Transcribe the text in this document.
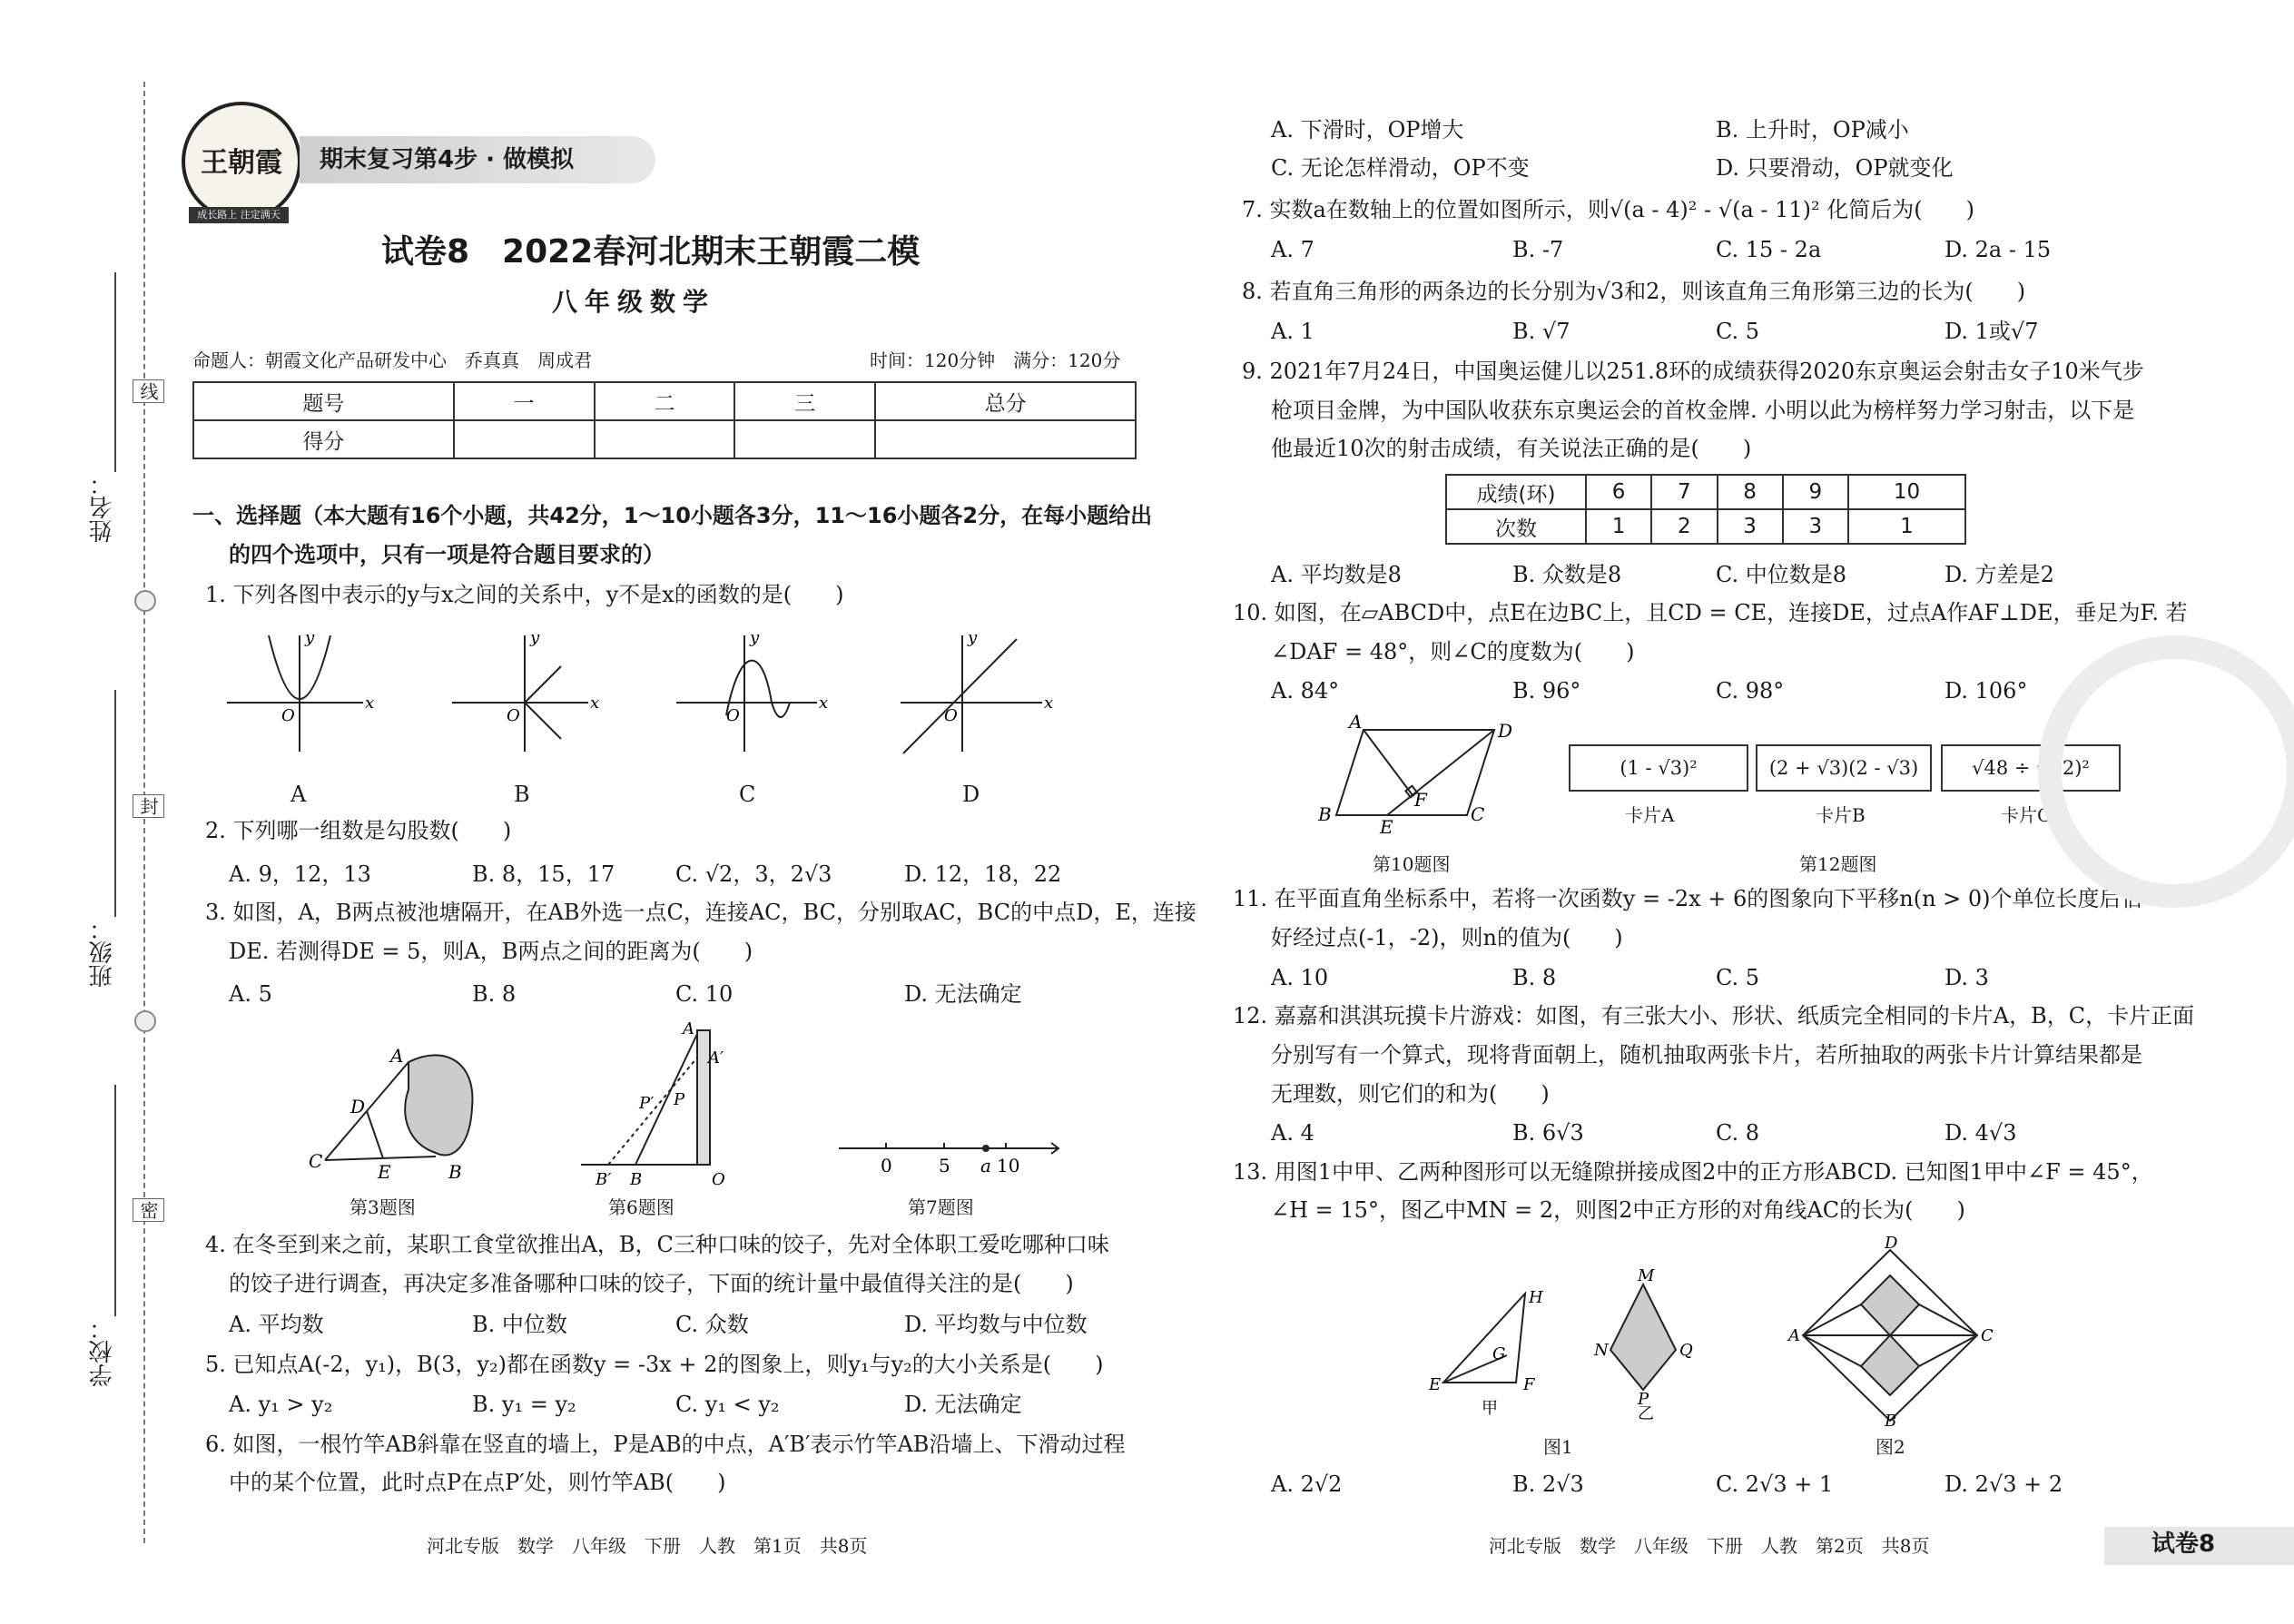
姓名：
班级：
学校：
线
封
密
王朝霞
成长路上 注定满天
期末复习第4步 · 做模拟
试卷8　2022春河北期末王朝霞二模
八年级数学
命题人：朝霞文化产品研发中心　乔真真　周成君	时间：120分钟　满分：120分
题号	一	二	三	总分
得分				
一、选择题（本大题有16个小题，共42分，1～10小题各3分，11～16小题各2分，在每小题给出
的四个选项中，只有一项是符合题目要求的）
1. 下列各图中表示的y与x之间的关系中，y不是x的函数的是(　　)
x
y
O
x
y
O
x
y
O
x
y
O
A	B	C	D
2. 下列哪一组数是勾股数(　　)
A. 9，12，13	B. 8，15，17	C. √2，3，2√3	D. 12，18，22
3. 如图，A，B两点被池塘隔开，在AB外选一点C，连接AC，BC，分别取AC，BC的中点D，E，连接
DE. 若测得DE = 5，则A，B两点之间的距离为(　　)
A. 5	B. 8	C. 10	D. 无法确定
A
D
C	E	B
第3题图
A
A′
P′ P
B′ B	O
第6题图
0	5 a 10
第7题图
4. 在冬至到来之前，某职工食堂欲推出A，B，C三种口味的饺子，先对全体职工爱吃哪种口味
的饺子进行调查，再决定多准备哪种口味的饺子，下面的统计量中最值得关注的是(　　)
A. 平均数	B. 中位数	C. 众数	D. 平均数与中位数
5. 已知点A(-2，y₁)，B(3，y₂)都在函数y = -3x + 2的图象上，则y₁与y₂的大小关系是(　　)
A. y₁ > y₂	B. y₁ = y₂	C. y₁ < y₂	D. 无法确定
6. 如图，一根竹竿AB斜靠在竖直的墙上，P是AB的中点，A′B′表示竹竿AB沿墙上、下滑动过程
中的某个位置，此时点P在点P′处，则竹竿AB(　　)
河北专版　数学　八年级　下册　人教　第1页　共8页
A. 下滑时，OP增大	B. 上升时，OP减小
C. 无论怎样滑动，OP不变	D. 只要滑动，OP就变化
7. 实数a在数轴上的位置如图所示，则√(a - 4)² - √(a - 11)² 化简后为(　　)
A. 7	B. -7	C. 15 - 2a	D. 2a - 15
8. 若直角三角形的两条边的长分别为√3和2，则该直角三角形第三边的长为(　　)
A. 1	B. √7	C. 5	D. 1或√7
9. 2021年7月24日，中国奥运健儿以251.8环的成绩获得2020东京奥运会射击女子10米气步
枪项目金牌，为中国队收获东京奥运会的首枚金牌. 小明以此为榜样努力学习射击，以下是
他最近10次的射击成绩，有关说法正确的是(　　)
成绩(环)	6	7	8	9	10
次数	1	2	3	3	1
A. 平均数是8	B. 众数是8	C. 中位数是8	D. 方差是2
10. 如图，在▱ABCD中，点E在边BC上，且CD = CE，连接DE，过点A作AF⊥DE，垂足为F. 若
∠DAF = 48°，则∠C的度数为(　　)
A. 84°	B. 96°	C. 98°	D. 106°
A	D
F
B
E
C
第10题图
(1 - √3)²	(2 + √3)(2 - √3)	√48 ÷ √(-2)²
卡片A	卡片B	卡片C
第12题图
11. 在平面直角坐标系中，若将一次函数y = -2x + 6的图象向下平移n(n > 0)个单位长度后恰
好经过点(-1，-2)，则n的值为(　　)
A. 10	B. 8	C. 5	D. 3
12. 嘉嘉和淇淇玩摸卡片游戏：如图，有三张大小、形状、纸质完全相同的卡片A，B，C，卡片正面
分别写有一个算式，现将背面朝上，随机抽取两张卡片，若所抽取的两张卡片计算结果都是
无理数，则它们的和为(　　)
A. 4	B. 6√3	C. 8	D. 4√3
13. 用图1中甲、乙两种图形可以无缝隙拼接成图2中的正方形ABCD. 已知图1甲中∠F = 45°，
∠H = 15°，图乙中MN = 2，则图2中正方形的对角线AC的长为(　　)
H
G
E	F
甲
M
N	Q
P
乙
图1
D
A	C
B
图2
A. 2√2	B. 2√3	C. 2√3 + 1	D. 2√3 + 2
河北专版　数学　八年级　下册　人教　第2页　共8页	试卷8
